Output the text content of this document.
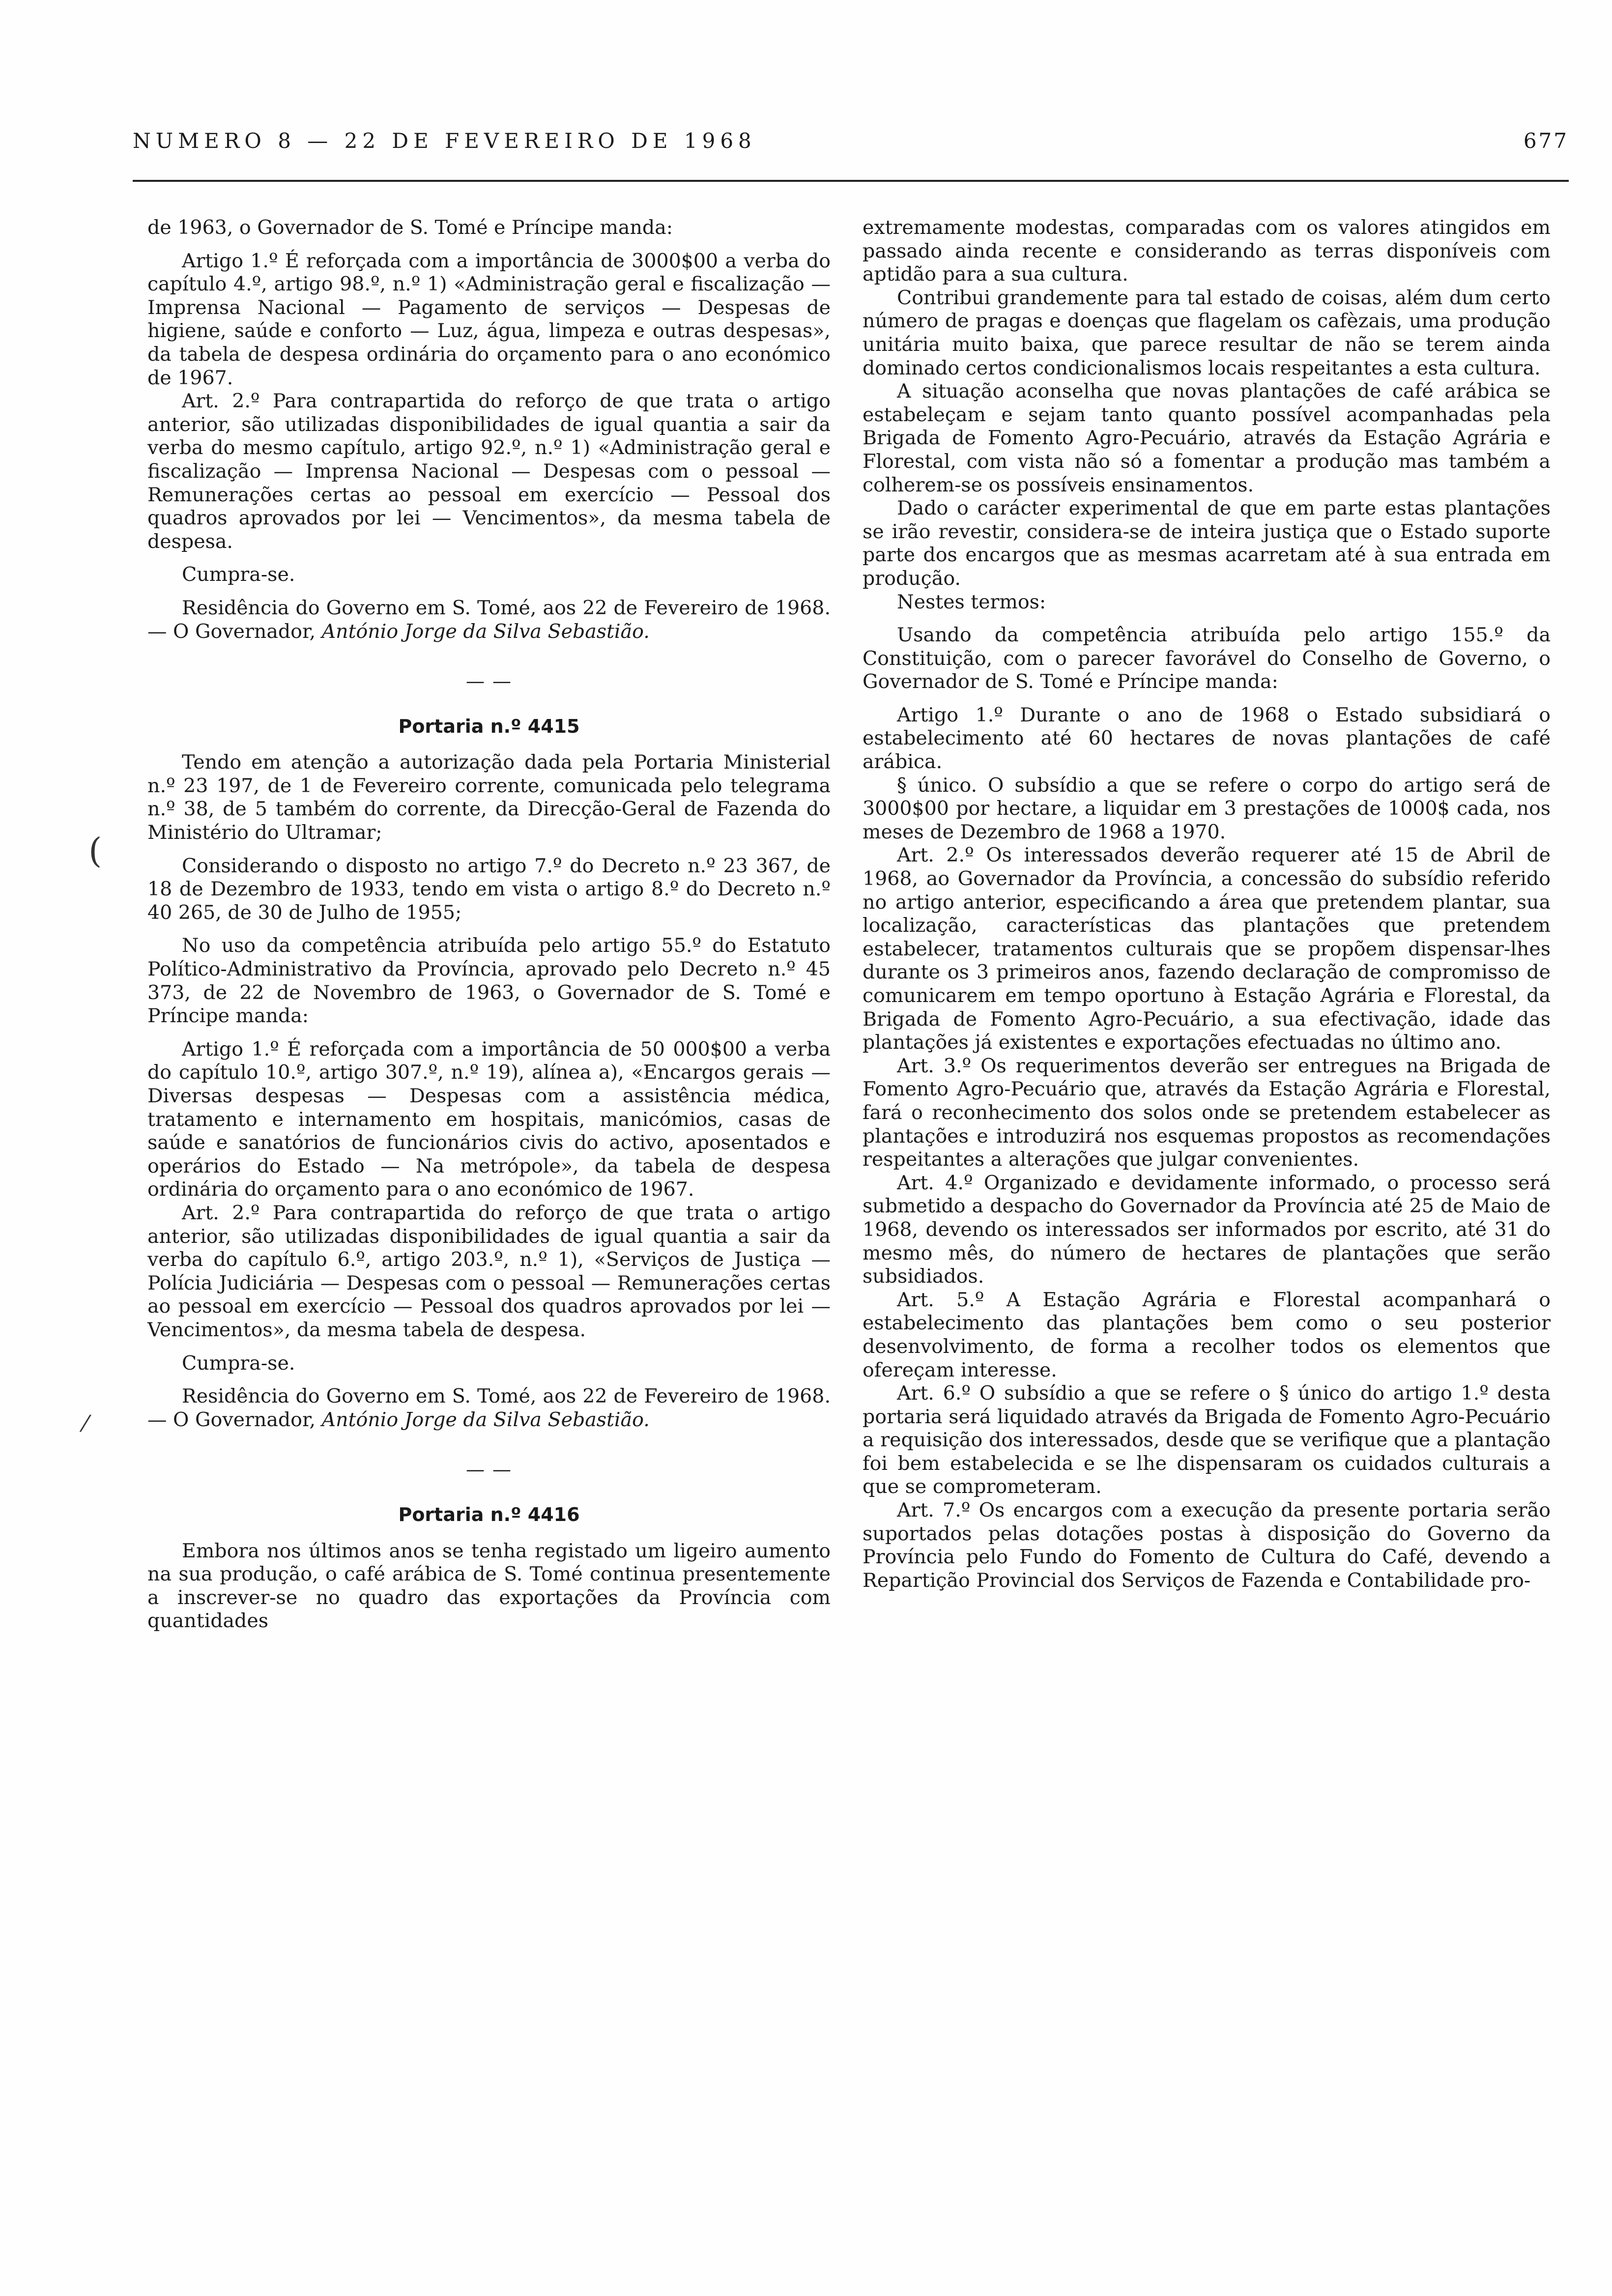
NUMERO 8 — 22 DE FEVEREIRO DE 1968	677

de 1963, o Governador de S. Tomé e Príncipe manda:

Artigo 1.º É reforçada com a importância de 3000$00 a verba do capítulo 4.º, artigo 98.º, n.º 1) «Administração geral e fiscalização — Imprensa Nacional — Pagamento de serviços — Despesas de higiene, saúde e conforto — Luz, água, limpeza e outras despesas», da tabela de despesa ordinária do orçamento para o ano económico de 1967.

Art. 2.º Para contrapartida do reforço de que trata o artigo anterior, são utilizadas disponibilidades de igual quantia a sair da verba do mesmo capítulo, artigo 92.º, n.º 1) «Administração geral e fiscalização — Imprensa Nacional — Despesas com o pessoal — Remunerações certas ao pessoal em exercício — Pessoal dos quadros aprovados por lei — Vencimentos», da mesma tabela de despesa.

Cumpra-se.

Residência do Governo em S. Tomé, aos 22 de Fevereiro de 1968. — O Governador, António Jorge da Silva Sebastião.

— —
Portaria n.º 4415

Tendo em atenção a autorização dada pela Portaria Ministerial n.º 23 197, de 1 de Fevereiro corrente, comunicada pelo telegrama n.º 38, de 5 também do corrente, da Direcção-Geral de Fazenda do Ministério do Ultramar;

Considerando o disposto no artigo 7.º do Decreto n.º 23 367, de 18 de Dezembro de 1933, tendo em vista o artigo 8.º do Decreto n.º 40 265, de 30 de Julho de 1955;

No uso da competência atribuída pelo artigo 55.º do Estatuto Político-Administrativo da Província, aprovado pelo Decreto n.º 45 373, de 22 de Novembro de 1963, o Governador de S. Tomé e Príncipe manda:

Artigo 1.º É reforçada com a importância de 50 000$00 a verba do capítulo 10.º, artigo 307.º, n.º 19), alínea a), «Encargos gerais — Diversas despesas — Despesas com a assistência médica, tratamento e internamento em hospitais, manicómios, casas de saúde e sanatórios de funcionários civis do activo, aposentados e operários do Estado — Na metrópole», da tabela de despesa ordinária do orçamento para o ano económico de 1967.

Art. 2.º Para contrapartida do reforço de que trata o artigo anterior, são utilizadas disponibilidades de igual quantia a sair da verba do capítulo 6.º, artigo 203.º, n.º 1), «Serviços de Justiça — Polícia Judiciária — Despesas com o pessoal — Remunerações certas ao pessoal em exercício — Pessoal dos quadros aprovados por lei — Vencimentos», da mesma tabela de despesa.

Cumpra-se.

Residência do Governo em S. Tomé, aos 22 de Fevereiro de 1968. — O Governador, António Jorge da Silva Sebastião.

— —
Portaria n.º 4416

Embora nos últimos anos se tenha registado um ligeiro aumento na sua produção, o café arábica de S. Tomé continua presentemente a inscrever-se no quadro das exportações da Província com quantidades

extremamente modestas, comparadas com os valores atingidos em passado ainda recente e considerando as terras disponíveis com aptidão para a sua cultura.

Contribui grandemente para tal estado de coisas, além dum certo número de pragas e doenças que flagelam os cafèzais, uma produção unitária muito baixa, que parece resultar de não se terem ainda dominado certos condicionalismos locais respeitantes a esta cultura.

A situação aconselha que novas plantações de café arábica se estabeleçam e sejam tanto quanto possível acompanhadas pela Brigada de Fomento Agro-Pecuário, através da Estação Agrária e Florestal, com vista não só a fomentar a produção mas também a colherem-se os possíveis ensinamentos.

Dado o carácter experimental de que em parte estas plantações se irão revestir, considera-se de inteira justiça que o Estado suporte parte dos encargos que as mesmas acarretam até à sua entrada em produção.

Nestes termos:

Usando da competência atribuída pelo artigo 155.º da Constituição, com o parecer favorável do Conselho de Governo, o Governador de S. Tomé e Príncipe manda:

Artigo 1.º Durante o ano de 1968 o Estado subsidiará o estabelecimento até 60 hectares de novas plantações de café arábica.

§ único. O subsídio a que se refere o corpo do artigo será de 3000$00 por hectare, a liquidar em 3 prestações de 1000$ cada, nos meses de Dezembro de 1968 a 1970.

Art. 2.º Os interessados deverão requerer até 15 de Abril de 1968, ao Governador da Província, a concessão do subsídio referido no artigo anterior, especificando a área que pretendem plantar, sua localização, características das plantações que pretendem estabelecer, tratamentos culturais que se propõem dispensar-lhes durante os 3 primeiros anos, fazendo declaração de compromisso de comunicarem em tempo oportuno à Estação Agrária e Florestal, da Brigada de Fomento Agro-Pecuário, a sua efectivação, idade das plantações já existentes e exportações efectuadas no último ano.

Art. 3.º Os requerimentos deverão ser entregues na Brigada de Fomento Agro-Pecuário que, através da Estação Agrária e Florestal, fará o reconhecimento dos solos onde se pretendem estabelecer as plantações e introduzirá nos esquemas propostos as recomendações respeitantes a alterações que julgar convenientes.

Art. 4.º Organizado e devidamente informado, o processo será submetido a despacho do Governador da Província até 25 de Maio de 1968, devendo os interessados ser informados por escrito, até 31 do mesmo mês, do número de hectares de plantações que serão subsidiados.

Art. 5.º A Estação Agrária e Florestal acompanhará o estabelecimento das plantações bem como o seu posterior desenvolvimento, de forma a recolher todos os elementos que ofereçam interesse.

Art. 6.º O subsídio a que se refere o § único do artigo 1.º desta portaria será liquidado através da Brigada de Fomento Agro-Pecuário a requisição dos interessados, desde que se verifique que a plantação foi bem estabelecida e se lhe dispensaram os cuidados culturais a que se comprometeram.

Art. 7.º Os encargos com a execução da presente portaria serão suportados pelas dotações postas à disposição do Governo da Província pelo Fundo do Fomento de Cultura do Café, devendo a Repartição Provincial dos Serviços de Fazenda e Contabilidade pro-

(
⁄
